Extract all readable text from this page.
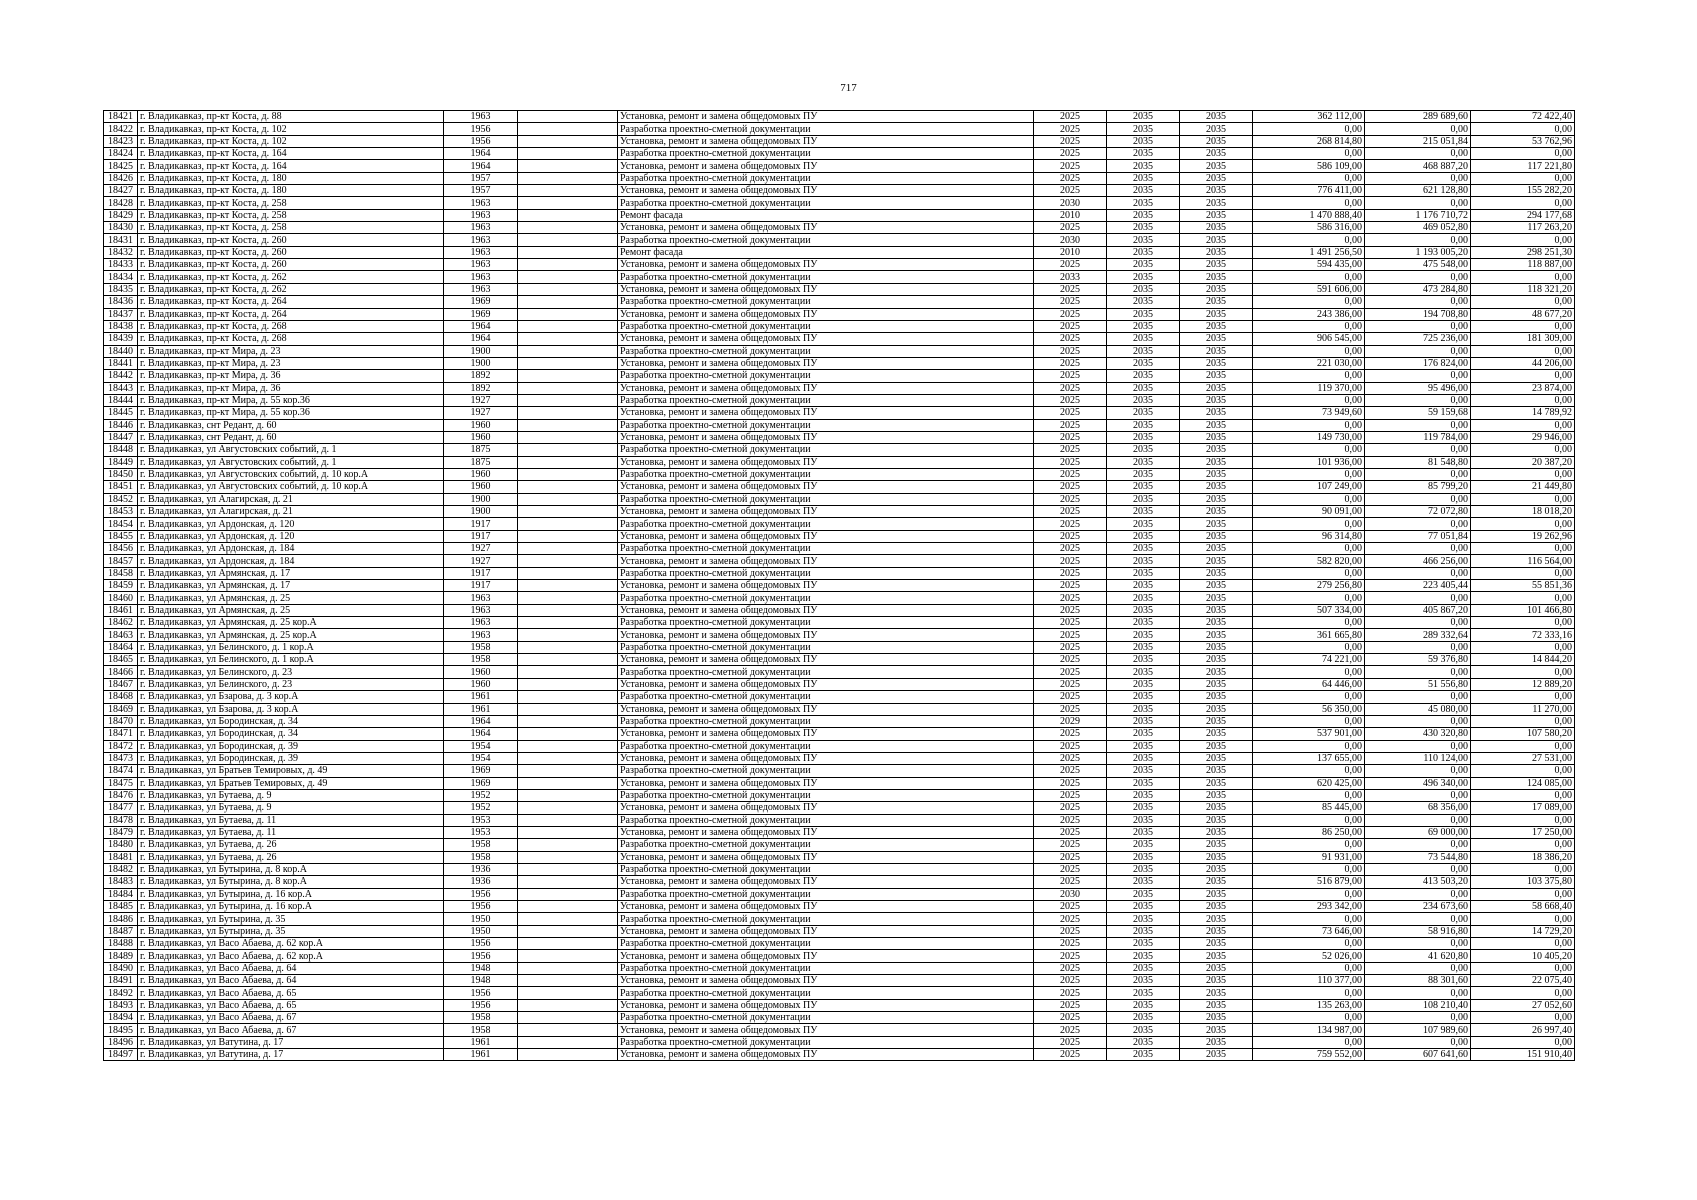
717
18421	г. Владикавказ, пр-кт Коста, д. 88	1963		Установка, ремонт и замена общедомовых ПУ	2025	2035	2035	362 112,00	289 689,60	72 422,40
18422	г. Владикавказ, пр-кт Коста, д. 102	1956		Разработка проектно-сметной документации	2025	2035	2035	0,00	0,00	0,00
18423	г. Владикавказ, пр-кт Коста, д. 102	1956		Установка, ремонт и замена общедомовых ПУ	2025	2035	2035	268 814,80	215 051,84	53 762,96
18424	г. Владикавказ, пр-кт Коста, д. 164	1964		Разработка проектно-сметной документации	2025	2035	2035	0,00	0,00	0,00
18425	г. Владикавказ, пр-кт Коста, д. 164	1964		Установка, ремонт и замена общедомовых ПУ	2025	2035	2035	586 109,00	468 887,20	117 221,80
18426	г. Владикавказ, пр-кт Коста, д. 180	1957		Разработка проектно-сметной документации	2025	2035	2035	0,00	0,00	0,00
18427	г. Владикавказ, пр-кт Коста, д. 180	1957		Установка, ремонт и замена общедомовых ПУ	2025	2035	2035	776 411,00	621 128,80	155 282,20
18428	г. Владикавказ, пр-кт Коста, д. 258	1963		Разработка проектно-сметной документации	2030	2035	2035	0,00	0,00	0,00
18429	г. Владикавказ, пр-кт Коста, д. 258	1963		Ремонт фасада	2010	2035	2035	1 470 888,40	1 176 710,72	294 177,68
18430	г. Владикавказ, пр-кт Коста, д. 258	1963		Установка, ремонт и замена общедомовых ПУ	2025	2035	2035	586 316,00	469 052,80	117 263,20
18431	г. Владикавказ, пр-кт Коста, д. 260	1963		Разработка проектно-сметной документации	2030	2035	2035	0,00	0,00	0,00
18432	г. Владикавказ, пр-кт Коста, д. 260	1963		Ремонт фасада	2010	2035	2035	1 491 256,50	1 193 005,20	298 251,30
18433	г. Владикавказ, пр-кт Коста, д. 260	1963		Установка, ремонт и замена общедомовых ПУ	2025	2035	2035	594 435,00	475 548,00	118 887,00
18434	г. Владикавказ, пр-кт Коста, д. 262	1963		Разработка проектно-сметной документации	2033	2035	2035	0,00	0,00	0,00
18435	г. Владикавказ, пр-кт Коста, д. 262	1963		Установка, ремонт и замена общедомовых ПУ	2025	2035	2035	591 606,00	473 284,80	118 321,20
18436	г. Владикавказ, пр-кт Коста, д. 264	1969		Разработка проектно-сметной документации	2025	2035	2035	0,00	0,00	0,00
18437	г. Владикавказ, пр-кт Коста, д. 264	1969		Установка, ремонт и замена общедомовых ПУ	2025	2035	2035	243 386,00	194 708,80	48 677,20
18438	г. Владикавказ, пр-кт Коста, д. 268	1964		Разработка проектно-сметной документации	2025	2035	2035	0,00	0,00	0,00
18439	г. Владикавказ, пр-кт Коста, д. 268	1964		Установка, ремонт и замена общедомовых ПУ	2025	2035	2035	906 545,00	725 236,00	181 309,00
18440	г. Владикавказ, пр-кт Мира, д. 23	1900		Разработка проектно-сметной документации	2025	2035	2035	0,00	0,00	0,00
18441	г. Владикавказ, пр-кт Мира, д. 23	1900		Установка, ремонт и замена общедомовых ПУ	2025	2035	2035	221 030,00	176 824,00	44 206,00
18442	г. Владикавказ, пр-кт Мира, д. 36	1892		Разработка проектно-сметной документации	2025	2035	2035	0,00	0,00	0,00
18443	г. Владикавказ, пр-кт Мира, д. 36	1892		Установка, ремонт и замена общедомовых ПУ	2025	2035	2035	119 370,00	95 496,00	23 874,00
18444	г. Владикавказ, пр-кт Мира, д. 55 кор.36	1927		Разработка проектно-сметной документации	2025	2035	2035	0,00	0,00	0,00
18445	г. Владикавказ, пр-кт Мира, д. 55 кор.36	1927		Установка, ремонт и замена общедомовых ПУ	2025	2035	2035	73 949,60	59 159,68	14 789,92
18446	г. Владикавказ, снт Редант, д. 60	1960		Разработка проектно-сметной документации	2025	2035	2035	0,00	0,00	0,00
18447	г. Владикавказ, снт Редант, д. 60	1960		Установка, ремонт и замена общедомовых ПУ	2025	2035	2035	149 730,00	119 784,00	29 946,00
18448	г. Владикавказ, ул Августовских событий, д. 1	1875		Разработка проектно-сметной документации	2025	2035	2035	0,00	0,00	0,00
18449	г. Владикавказ, ул Августовских событий, д. 1	1875		Установка, ремонт и замена общедомовых ПУ	2025	2035	2035	101 936,00	81 548,80	20 387,20
18450	г. Владикавказ, ул Августовских событий, д. 10 кор.А	1960		Разработка проектно-сметной документации	2025	2035	2035	0,00	0,00	0,00
18451	г. Владикавказ, ул Августовских событий, д. 10 кор.А	1960		Установка, ремонт и замена общедомовых ПУ	2025	2035	2035	107 249,00	85 799,20	21 449,80
18452	г. Владикавказ, ул Алагирская, д. 21	1900		Разработка проектно-сметной документации	2025	2035	2035	0,00	0,00	0,00
18453	г. Владикавказ, ул Алагирская, д. 21	1900		Установка, ремонт и замена общедомовых ПУ	2025	2035	2035	90 091,00	72 072,80	18 018,20
18454	г. Владикавказ, ул Ардонская, д. 120	1917		Разработка проектно-сметной документации	2025	2035	2035	0,00	0,00	0,00
18455	г. Владикавказ, ул Ардонская, д. 120	1917		Установка, ремонт и замена общедомовых ПУ	2025	2035	2035	96 314,80	77 051,84	19 262,96
18456	г. Владикавказ, ул Ардонская, д. 184	1927		Разработка проектно-сметной документации	2025	2035	2035	0,00	0,00	0,00
18457	г. Владикавказ, ул Ардонская, д. 184	1927		Установка, ремонт и замена общедомовых ПУ	2025	2035	2035	582 820,00	466 256,00	116 564,00
18458	г. Владикавказ, ул Армянская, д. 17	1917		Разработка проектно-сметной документации	2025	2035	2035	0,00	0,00	0,00
18459	г. Владикавказ, ул Армянская, д. 17	1917		Установка, ремонт и замена общедомовых ПУ	2025	2035	2035	279 256,80	223 405,44	55 851,36
18460	г. Владикавказ, ул Армянская, д. 25	1963		Разработка проектно-сметной документации	2025	2035	2035	0,00	0,00	0,00
18461	г. Владикавказ, ул Армянская, д. 25	1963		Установка, ремонт и замена общедомовых ПУ	2025	2035	2035	507 334,00	405 867,20	101 466,80
18462	г. Владикавказ, ул Армянская, д. 25 кор.А	1963		Разработка проектно-сметной документации	2025	2035	2035	0,00	0,00	0,00
18463	г. Владикавказ, ул Армянская, д. 25 кор.А	1963		Установка, ремонт и замена общедомовых ПУ	2025	2035	2035	361 665,80	289 332,64	72 333,16
18464	г. Владикавказ, ул Белинского, д. 1 кор.А	1958		Разработка проектно-сметной документации	2025	2035	2035	0,00	0,00	0,00
18465	г. Владикавказ, ул Белинского, д. 1 кор.А	1958		Установка, ремонт и замена общедомовых ПУ	2025	2035	2035	74 221,00	59 376,80	14 844,20
18466	г. Владикавказ, ул Белинского, д. 23	1960		Разработка проектно-сметной документации	2025	2035	2035	0,00	0,00	0,00
18467	г. Владикавказ, ул Белинского, д. 23	1960		Установка, ремонт и замена общедомовых ПУ	2025	2035	2035	64 446,00	51 556,80	12 889,20
18468	г. Владикавказ, ул Бзарова, д. 3 кор.А	1961		Разработка проектно-сметной документации	2025	2035	2035	0,00	0,00	0,00
18469	г. Владикавказ, ул Бзарова, д. 3 кор.А	1961		Установка, ремонт и замена общедомовых ПУ	2025	2035	2035	56 350,00	45 080,00	11 270,00
18470	г. Владикавказ, ул Бородинская, д. 34	1964		Разработка проектно-сметной документации	2029	2035	2035	0,00	0,00	0,00
18471	г. Владикавказ, ул Бородинская, д. 34	1964		Установка, ремонт и замена общедомовых ПУ	2025	2035	2035	537 901,00	430 320,80	107 580,20
18472	г. Владикавказ, ул Бородинская, д. 39	1954		Разработка проектно-сметной документации	2025	2035	2035	0,00	0,00	0,00
18473	г. Владикавказ, ул Бородинская, д. 39	1954		Установка, ремонт и замена общедомовых ПУ	2025	2035	2035	137 655,00	110 124,00	27 531,00
18474	г. Владикавказ, ул Братьев Темировых, д. 49	1969		Разработка проектно-сметной документации	2025	2035	2035	0,00	0,00	0,00
18475	г. Владикавказ, ул Братьев Темировых, д. 49	1969		Установка, ремонт и замена общедомовых ПУ	2025	2035	2035	620 425,00	496 340,00	124 085,00
18476	г. Владикавказ, ул Бутаева, д. 9	1952		Разработка проектно-сметной документации	2025	2035	2035	0,00	0,00	0,00
18477	г. Владикавказ, ул Бутаева, д. 9	1952		Установка, ремонт и замена общедомовых ПУ	2025	2035	2035	85 445,00	68 356,00	17 089,00
18478	г. Владикавказ, ул Бутаева, д. 11	1953		Разработка проектно-сметной документации	2025	2035	2035	0,00	0,00	0,00
18479	г. Владикавказ, ул Бутаева, д. 11	1953		Установка, ремонт и замена общедомовых ПУ	2025	2035	2035	86 250,00	69 000,00	17 250,00
18480	г. Владикавказ, ул Бутаева, д. 26	1958		Разработка проектно-сметной документации	2025	2035	2035	0,00	0,00	0,00
18481	г. Владикавказ, ул Бутаева, д. 26	1958		Установка, ремонт и замена общедомовых ПУ	2025	2035	2035	91 931,00	73 544,80	18 386,20
18482	г. Владикавказ, ул Бутырина, д. 8 кор.А	1936		Разработка проектно-сметной документации	2025	2035	2035	0,00	0,00	0,00
18483	г. Владикавказ, ул Бутырина, д. 8 кор.А	1936		Установка, ремонт и замена общедомовых ПУ	2025	2035	2035	516 879,00	413 503,20	103 375,80
18484	г. Владикавказ, ул Бутырина, д. 16 кор.А	1956		Разработка проектно-сметной документации	2030	2035	2035	0,00	0,00	0,00
18485	г. Владикавказ, ул Бутырина, д. 16 кор.А	1956		Установка, ремонт и замена общедомовых ПУ	2025	2035	2035	293 342,00	234 673,60	58 668,40
18486	г. Владикавказ, ул Бутырина, д. 35	1950		Разработка проектно-сметной документации	2025	2035	2035	0,00	0,00	0,00
18487	г. Владикавказ, ул Бутырина, д. 35	1950		Установка, ремонт и замена общедомовых ПУ	2025	2035	2035	73 646,00	58 916,80	14 729,20
18488	г. Владикавказ, ул Васо Абаева, д. 62 кор.А	1956		Разработка проектно-сметной документации	2025	2035	2035	0,00	0,00	0,00
18489	г. Владикавказ, ул Васо Абаева, д. 62 кор.А	1956		Установка, ремонт и замена общедомовых ПУ	2025	2035	2035	52 026,00	41 620,80	10 405,20
18490	г. Владикавказ, ул Васо Абаева, д. 64	1948		Разработка проектно-сметной документации	2025	2035	2035	0,00	0,00	0,00
18491	г. Владикавказ, ул Васо Абаева, д. 64	1948		Установка, ремонт и замена общедомовых ПУ	2025	2035	2035	110 377,00	88 301,60	22 075,40
18492	г. Владикавказ, ул Васо Абаева, д. 65	1956		Разработка проектно-сметной документации	2025	2035	2035	0,00	0,00	0,00
18493	г. Владикавказ, ул Васо Абаева, д. 65	1956		Установка, ремонт и замена общедомовых ПУ	2025	2035	2035	135 263,00	108 210,40	27 052,60
18494	г. Владикавказ, ул Васо Абаева, д. 67	1958		Разработка проектно-сметной документации	2025	2035	2035	0,00	0,00	0,00
18495	г. Владикавказ, ул Васо Абаева, д. 67	1958		Установка, ремонт и замена общедомовых ПУ	2025	2035	2035	134 987,00	107 989,60	26 997,40
18496	г. Владикавказ, ул Ватутина, д. 17	1961		Разработка проектно-сметной документации	2025	2035	2035	0,00	0,00	0,00
18497	г. Владикавказ, ул Ватутина, д. 17	1961		Установка, ремонт и замена общедомовых ПУ	2025	2035	2035	759 552,00	607 641,60	151 910,40
